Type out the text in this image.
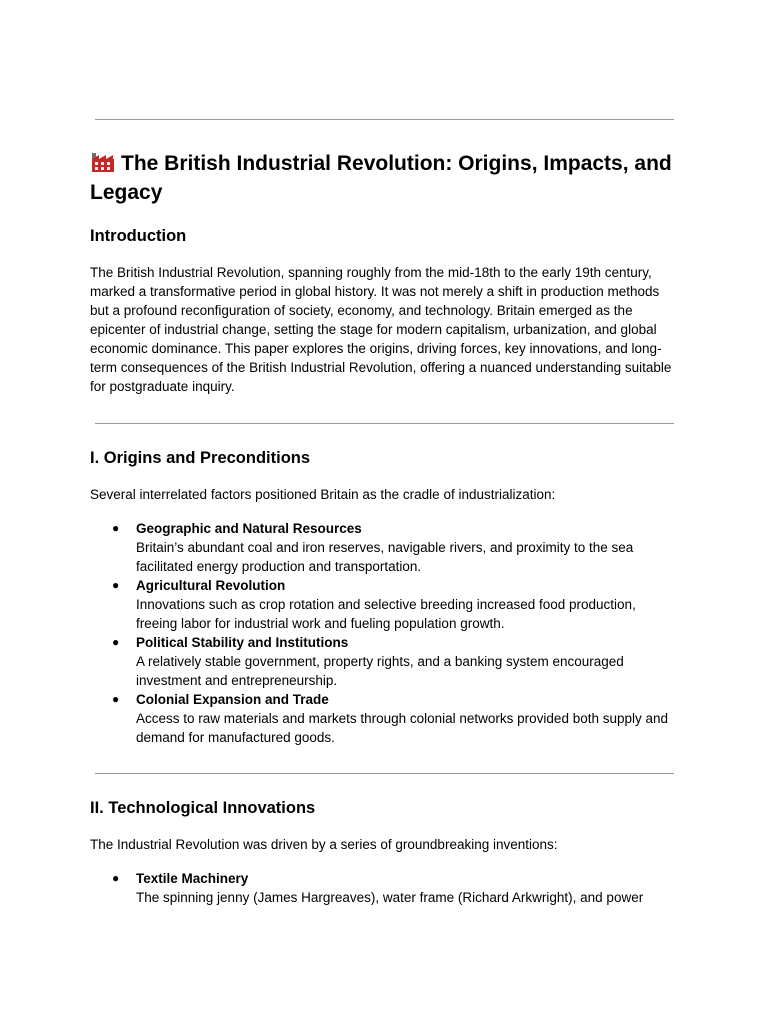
The British Industrial Revolution: Origins, Impacts, and Legacy
Introduction

The British Industrial Revolution, spanning roughly from the mid-18th to the early 19th century, marked a transformative period in global history. It was not merely a shift in production methods but a profound reconfiguration of society, economy, and technology. Britain emerged as the epicenter of industrial change, setting the stage for modern capitalism, urbanization, and global economic dominance. This paper explores the origins, driving forces, key innovations, and long-term consequences of the British Industrial Revolution, offering a nuanced understanding suitable for postgraduate inquiry.

I. Origins and Preconditions

Several interrelated factors positioned Britain as the cradle of industrialization:

● Geographic and Natural Resources
Britain’s abundant coal and iron reserves, navigable rivers, and proximity to the sea facilitated energy production and transportation.
● Agricultural Revolution
Innovations such as crop rotation and selective breeding increased food production, freeing labor for industrial work and fueling population growth.
● Political Stability and Institutions
A relatively stable government, property rights, and a banking system encouraged investment and entrepreneurship.
● Colonial Expansion and Trade
Access to raw materials and markets through colonial networks provided both supply and demand for manufactured goods.
II. Technological Innovations

The Industrial Revolution was driven by a series of groundbreaking inventions:

● Textile Machinery
The spinning jenny (James Hargreaves), water frame (Richard Arkwright), and power
